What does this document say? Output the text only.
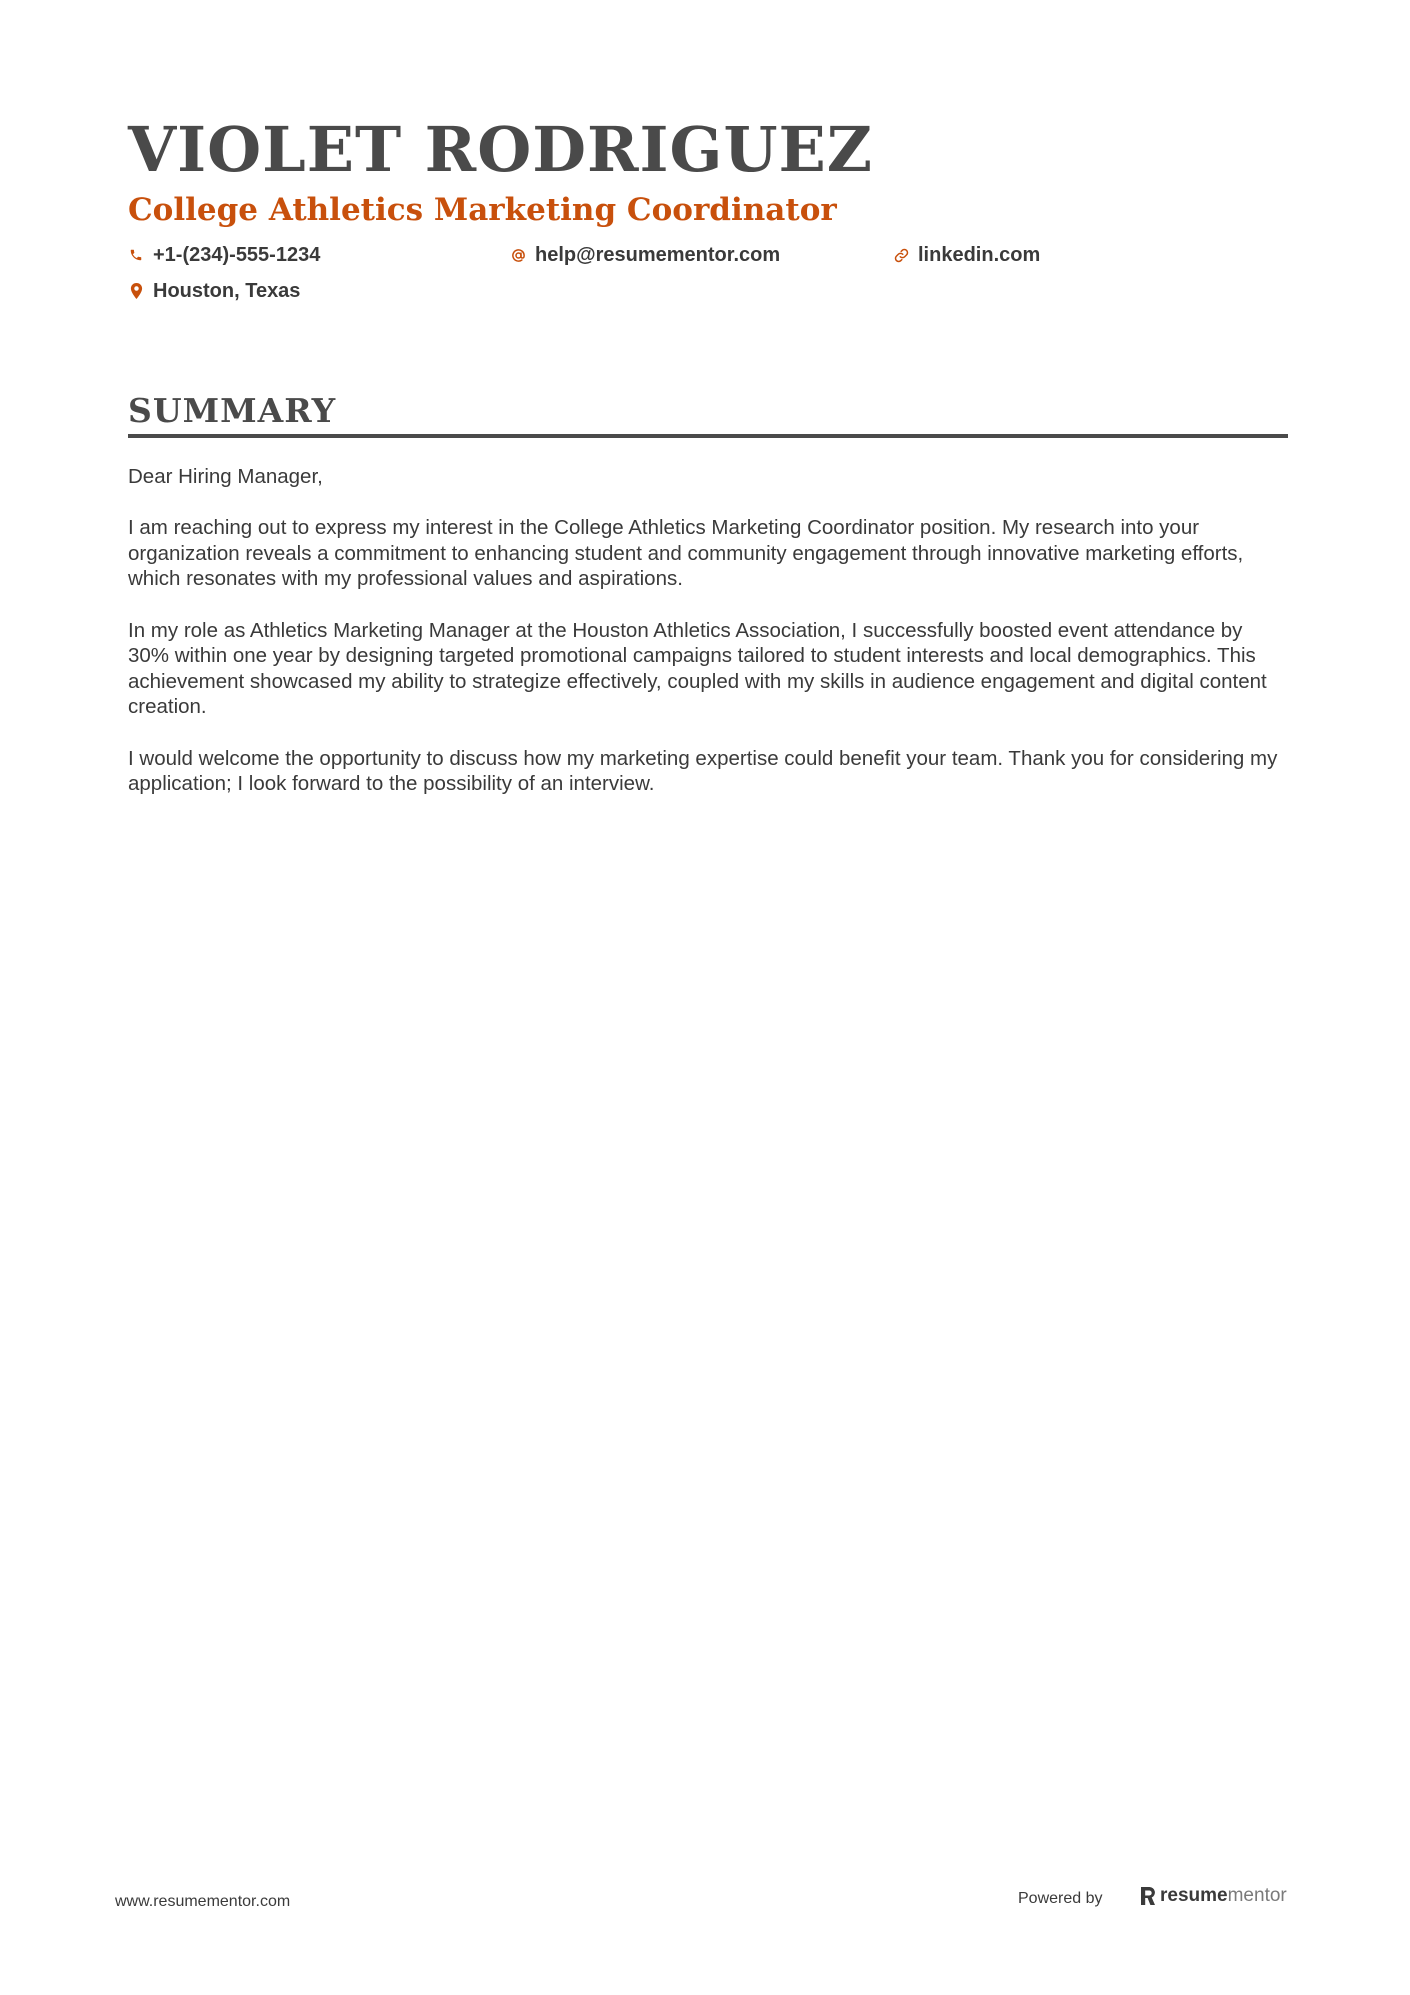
VIOLET RODRIGUEZ
College Athletics Marketing Coordinator
+1-(234)-555-1234	help@resumementor.com	linkedin.com
Houston, Texas
SUMMARY

Dear Hiring Manager,

I am reaching out to express my interest in the College Athletics Marketing Coordinator position. My research into your organization reveals a commitment to enhancing student and community engagement through innovative marketing efforts, which resonates with my professional values and aspirations.

In my role as Athletics Marketing Manager at the Houston Athletics Association, I successfully boosted event attendance by 30% within one year by designing targeted promotional campaigns tailored to student interests and local demographics. This achievement showcased my ability to strategize effectively, coupled with my skills in audience engagement and digital content creation.

I would welcome the opportunity to discuss how my marketing expertise could benefit your team. Thank you for considering my application; I look forward to the possibility of an interview.

www.resumementor.com	Powered by	resume mentor
